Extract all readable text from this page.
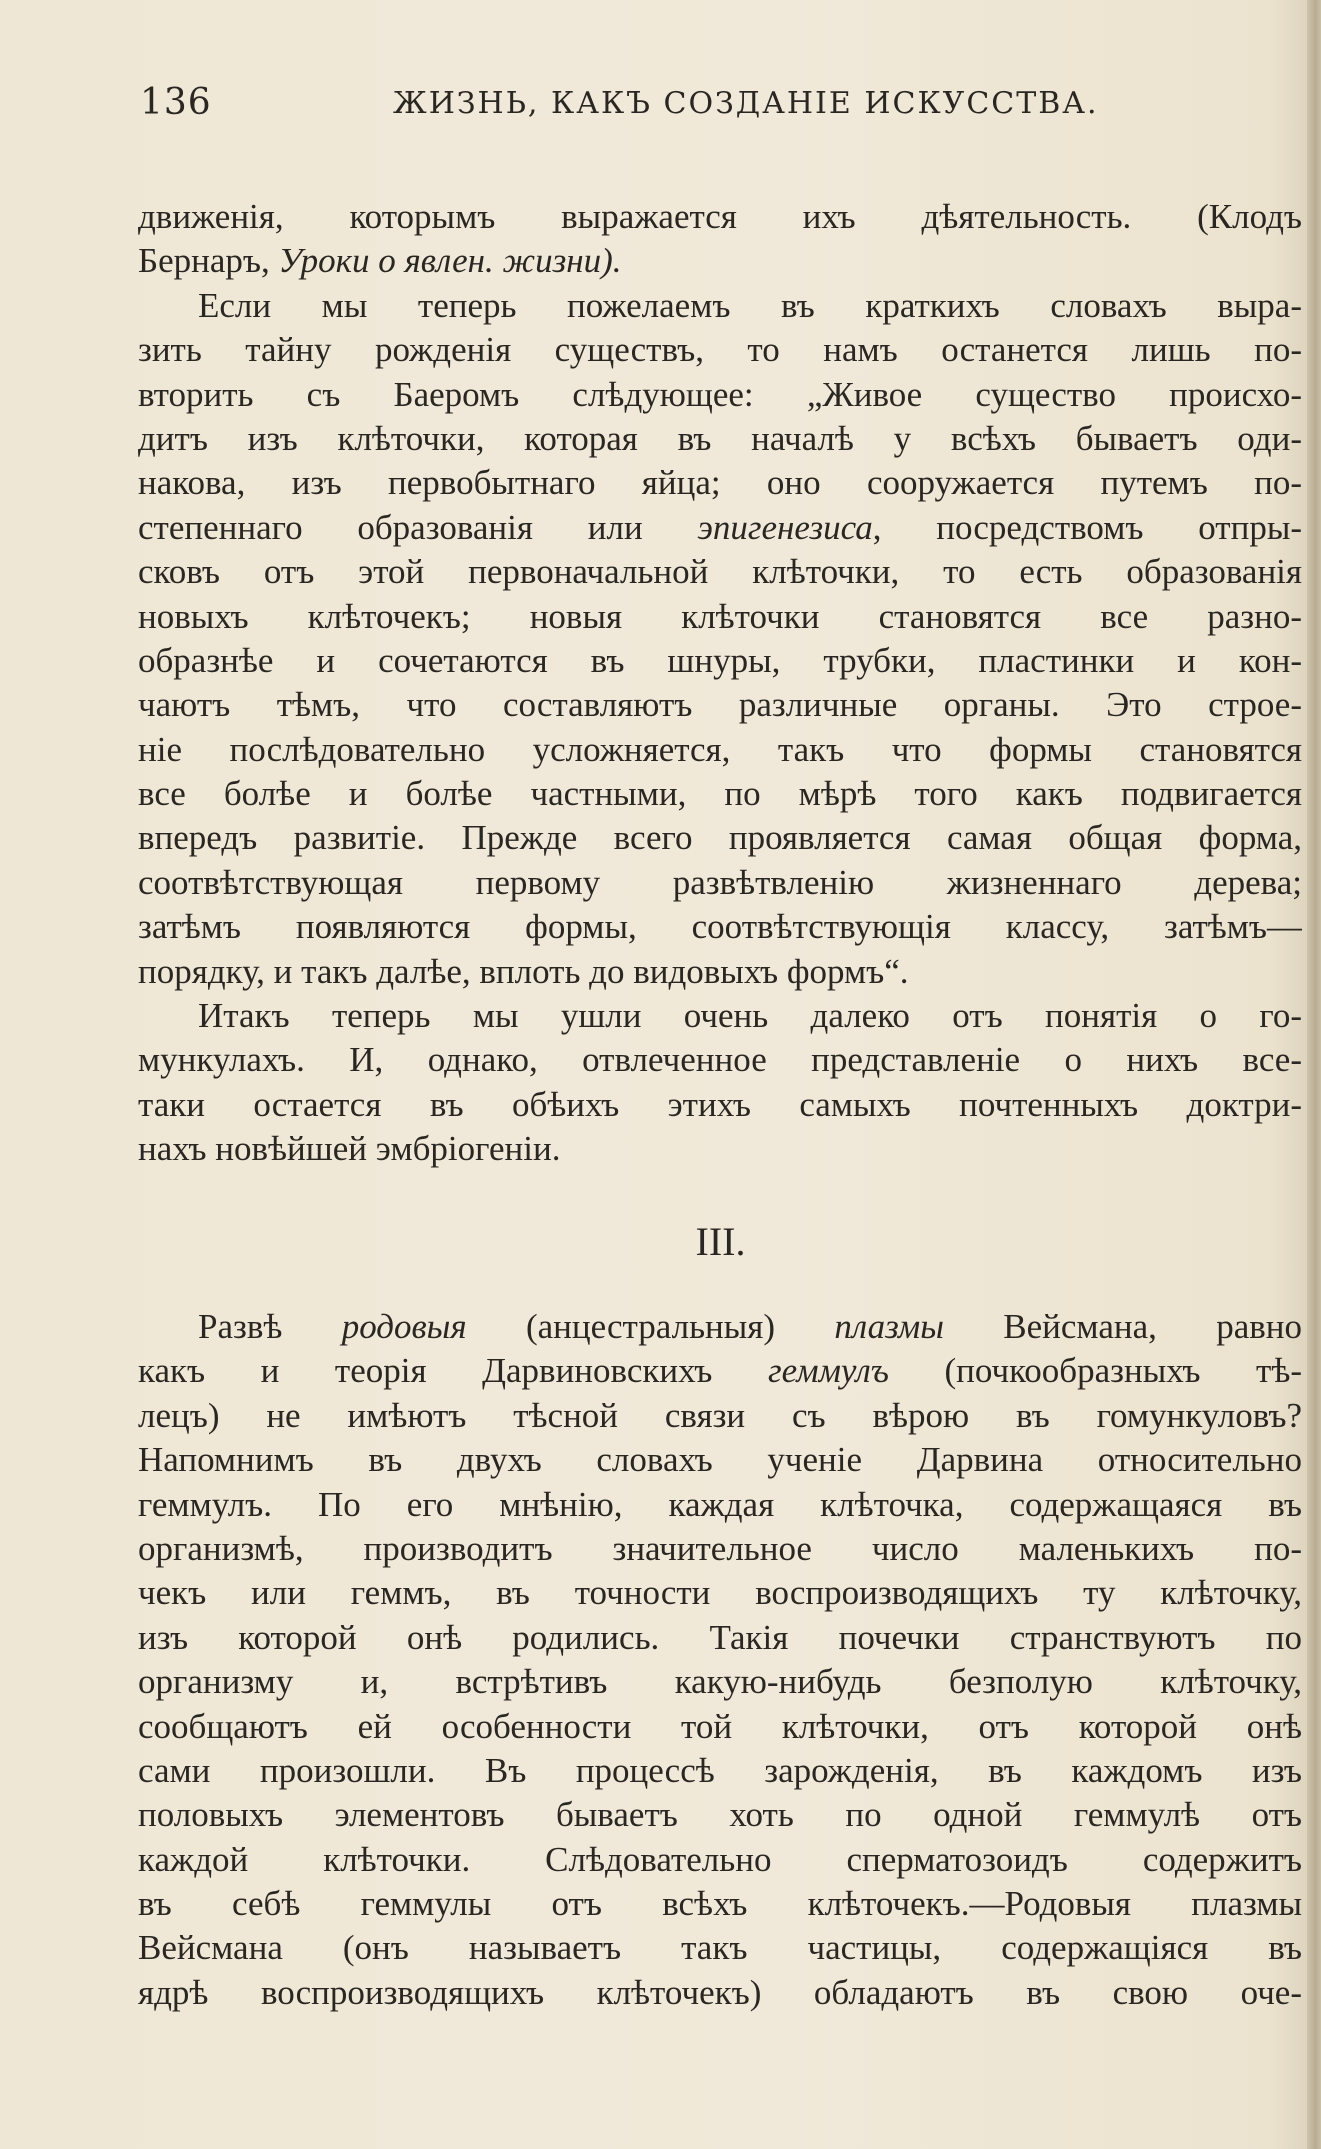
136	ЖИЗНЬ, КАКЪ СОЗДАНІЕ ИСКУССТВА.
движенія, которымъ выражается ихъ дѣятельность. (Клодъ
Бернаръ, Уроки о явлен. жизни).
Если мы теперь пожелаемъ въ краткихъ словахъ выра-
зить тайну рожденія существъ, то намъ останется лишь по-
вторить съ Баеромъ слѣдующее: „Живое существо происхо-
дитъ изъ клѣточки, которая въ началѣ у всѣхъ бываетъ оди-
накова, изъ первобытнаго яйца; оно сооружается путемъ по-
степеннаго образованія или эпигенезиса, посредствомъ отпры-
сковъ отъ этой первоначальной клѣточки, то есть образованія
новыхъ клѣточекъ; новыя клѣточки становятся все разно-
образнѣе и сочетаются въ шнуры, трубки, пластинки и кон-
чаютъ тѣмъ, что составляютъ различные органы. Это строе-
ніе послѣдовательно усложняется, такъ что формы становятся
все болѣе и болѣе частными, по мѣрѣ того какъ подвигается
впередъ развитіе. Прежде всего проявляется самая общая форма,
соотвѣтствующая первому развѣтвленію жизненнаго дерева;
затѣмъ появляются формы, соотвѣтствующія классу, затѣмъ—
порядку, и такъ далѣе, вплоть до видовыхъ формъ“.
Итакъ теперь мы ушли очень далеко отъ понятія о го-
мункулахъ. И, однако, отвлеченное представленіе о нихъ все-
таки остается въ обѣихъ этихъ самыхъ почтенныхъ доктри-
нахъ новѣйшей эмбріогеніи.
III.
Развѣ родовыя (анцестральныя) плазмы Вейсмана, равно
какъ и теорія Дарвиновскихъ геммулъ (почкообразныхъ тѣ-
лецъ) не имѣютъ тѣсной связи съ вѣрою въ гомункуловъ?
Напомнимъ въ двухъ словахъ ученіе Дарвина относительно
геммулъ. По его мнѣнію, каждая клѣточка, содержащаяся въ
организмѣ, производитъ значительное число маленькихъ по-
чекъ или геммъ, въ точности воспроизводящихъ ту клѣточку,
изъ которой онѣ родились. Такія почечки странствуютъ по
организму и, встрѣтивъ какую-нибудь безполую клѣточку,
сообщаютъ ей особенности той клѣточки, отъ которой онѣ
сами произошли. Въ процессѣ зарожденія, въ каждомъ изъ
половыхъ элементовъ бываетъ хоть по одной геммулѣ отъ
каждой клѣточки. Слѣдовательно сперматозоидъ содержитъ
въ себѣ геммулы отъ всѣхъ клѣточекъ.—Родовыя плазмы
Вейсмана (онъ называетъ такъ частицы, содержащіяся въ
ядрѣ воспроизводящихъ клѣточекъ) обладаютъ въ свою оче-
